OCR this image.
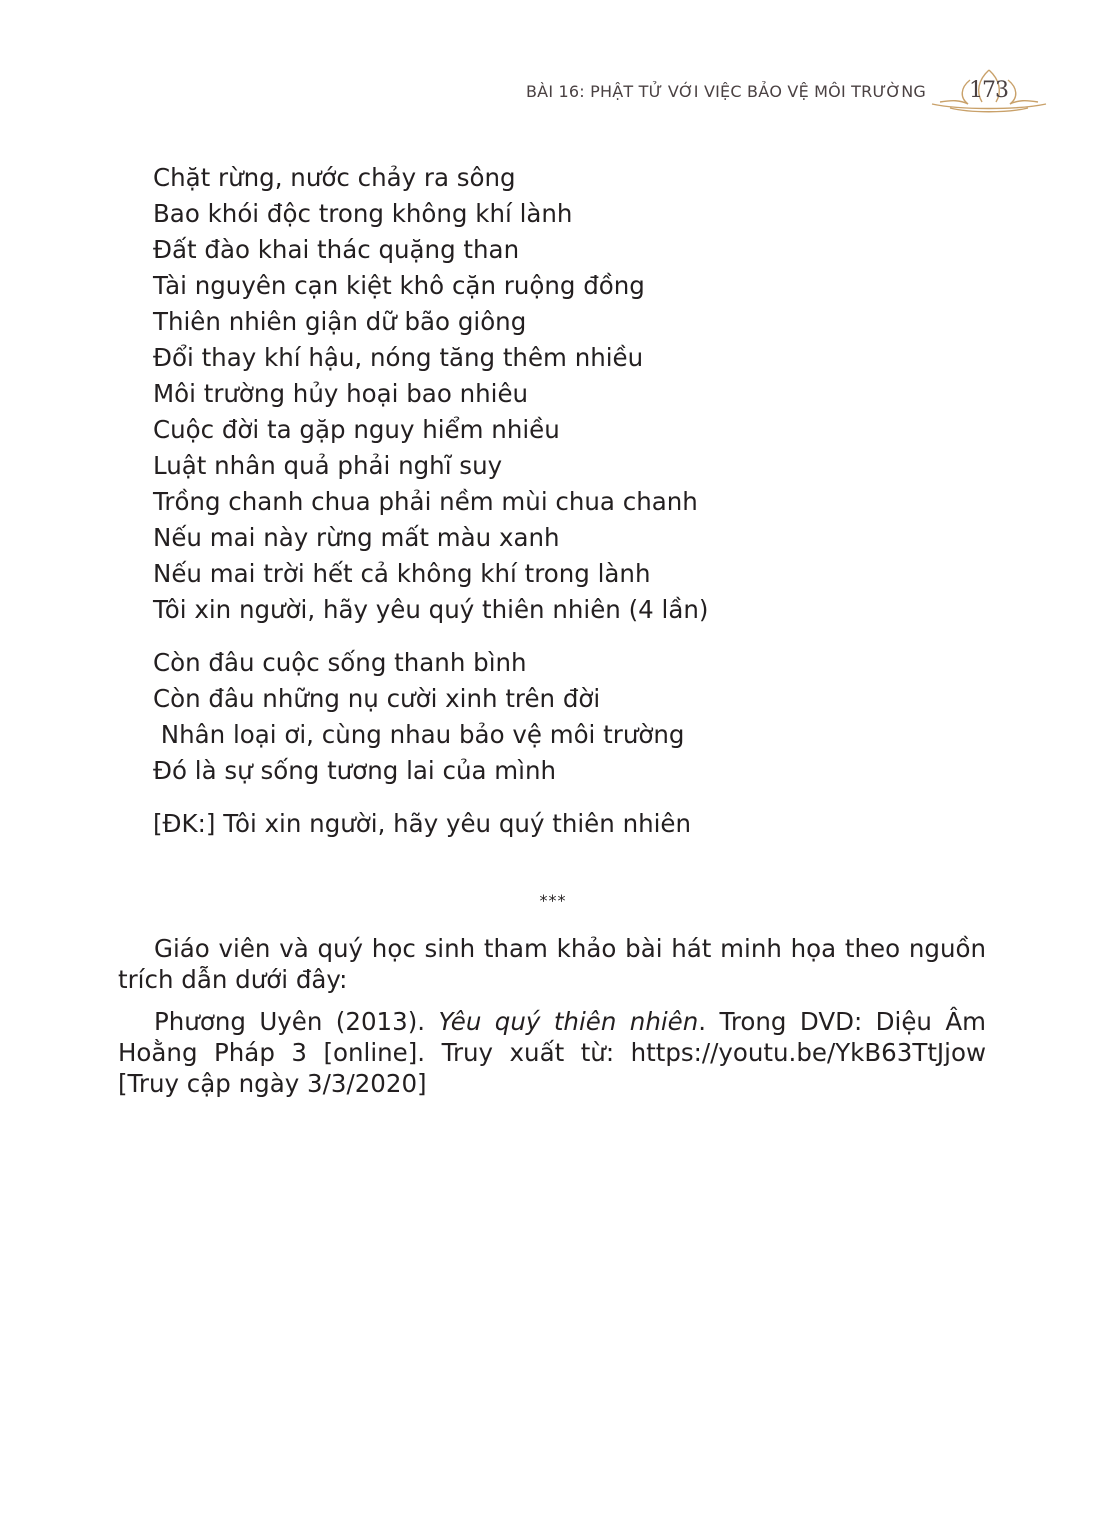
BÀI 16: PHẬT TỬ VỚI VIỆC BẢO VỆ MÔI TRƯỜNG 173
Chặt rừng, nước chảy ra sông
Bao khói độc trong không khí lành
Đất đào khai thác quặng than
Tài nguyên cạn kiệt khô cặn ruộng đồng
Thiên nhiên giận dữ bão giông
Đổi thay khí hậu, nóng tăng thêm nhiều
Môi trường hủy hoại bao nhiêu
Cuộc đời ta gặp nguy hiểm nhiều
Luật nhân quả phải nghĩ suy
Trồng chanh chua phải nềm mùi chua chanh
Nếu mai này rừng mất màu xanh
Nếu mai trời hết cả không khí trong lành
Tôi xin người, hãy yêu quý thiên nhiên (4 lần)
Còn đâu cuộc sống thanh bình
Còn đâu những nụ cười xinh trên đời
Nhân loại ơi, cùng nhau bảo vệ môi trường
Đó là sự sống tương lai của mình
[ĐK:] Tôi xin người, hãy yêu quý thiên nhiên
***

Giáo viên và quý học sinh tham khảo bài hát minh họa theo nguồn trích dẫn dưới đây:

Phương Uyên (2013). Yêu quý thiên nhiên. Trong DVD: Diệu Âm Hoằng Pháp 3 [online]. Truy xuất từ: https://youtu.be/YkB63TtJjow [Truy cập ngày 3/3/2020]
